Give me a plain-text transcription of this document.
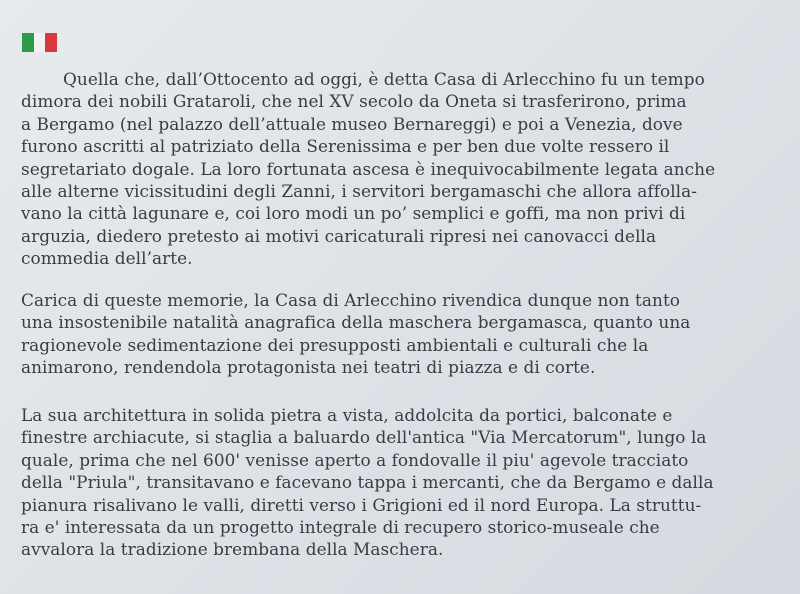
Quella che, dall’Ottocento ad oggi, è detta Casa di Arlecchino fu un tempo
dimora dei nobili Grataroli, che nel XV secolo da Oneta si trasferirono, prima
a Bergamo (nel palazzo dell’attuale museo Bernareggi) e poi a Venezia, dove
furono ascritti al patriziato della Serenissima e per ben due volte ressero il
segretariato dogale. La loro fortunata ascesa è inequivocabilmente legata anche
alle alterne vicissitudini degli Zanni, i servitori bergamaschi che allora affolla-
vano la città lagunare e, coi loro modi un po’ semplici e goffi, ma non privi di
arguzia, diedero pretesto ai motivi caricaturali ripresi nei canovacci della
commedia dell’arte.
Carica di queste memorie, la Casa di Arlecchino rivendica dunque non tanto
una insostenibile natalità anagrafica della maschera bergamasca, quanto una
ragionevole sedimentazione dei presupposti ambientali e culturali che la
animarono, rendendola protagonista nei teatri di piazza e di corte.
La sua architettura in solida pietra a vista, addolcita da portici, balconate e
finestre archiacute, si staglia a baluardo dell'antica "Via Mercatorum", lungo la
quale, prima che nel 600' venisse aperto a fondovalle il piu' agevole tracciato
della "Priula", transitavano e facevano tappa i mercanti, che da Bergamo e dalla
pianura risalivano le valli, diretti verso i Grigioni ed il nord Europa. La struttu-
ra e' interessata da un progetto integrale di recupero storico-museale che
avvalora la tradizione brembana della Maschera.
